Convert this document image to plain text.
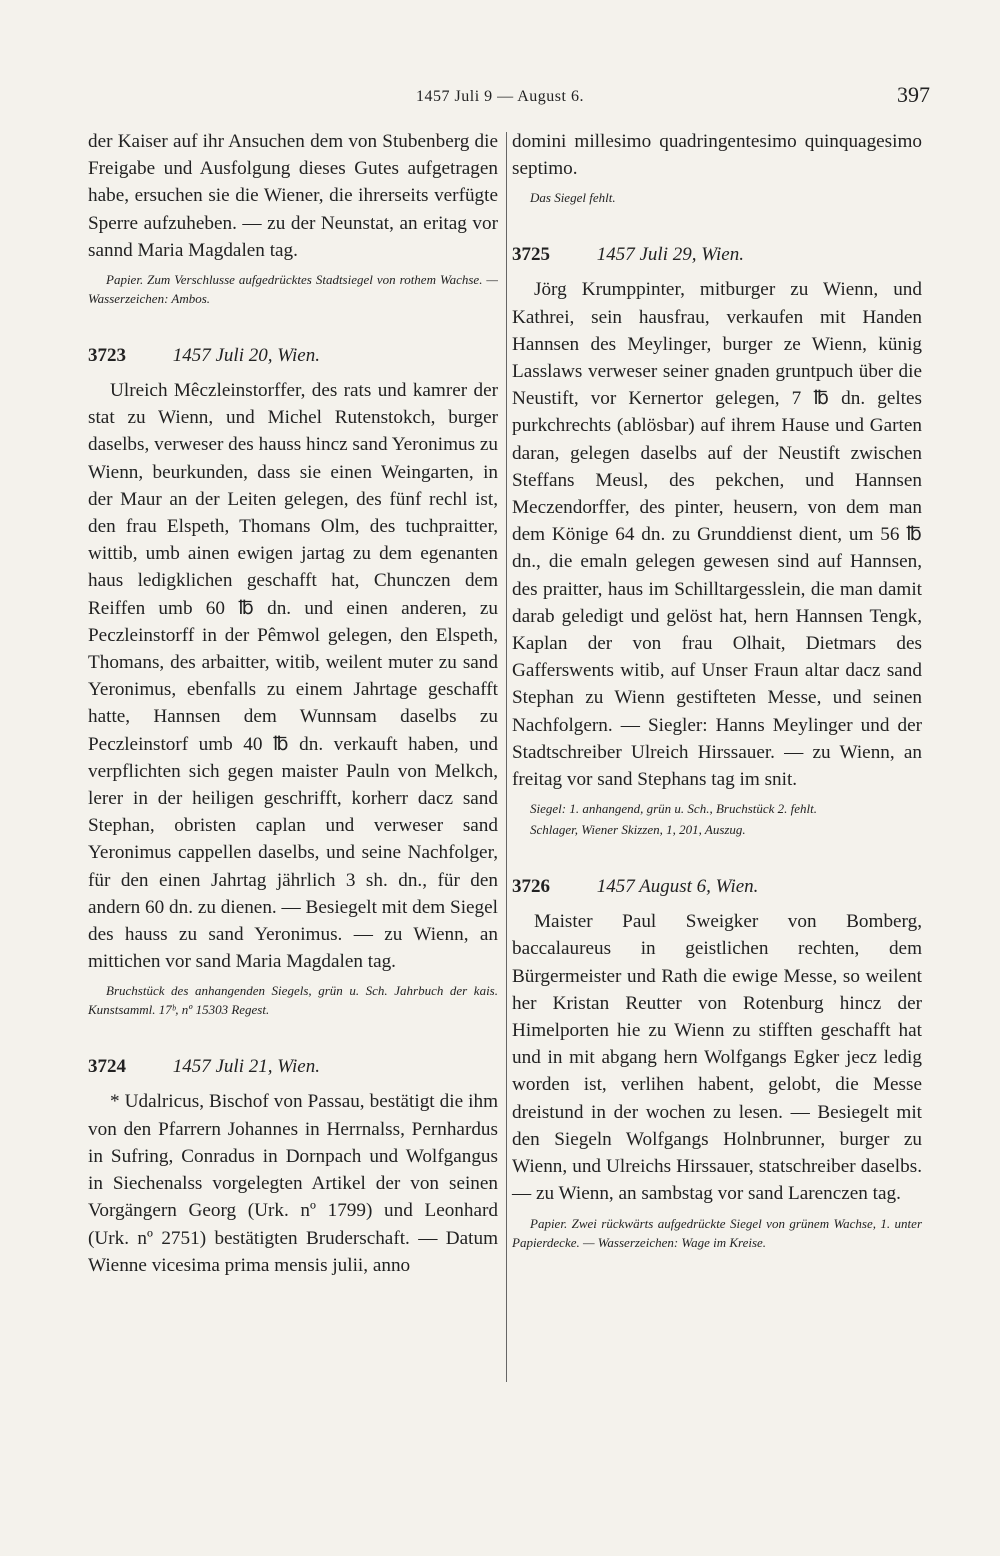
1457 Juli 9 — August 6.	397

der Kaiser auf ihr Ansuchen dem von Stubenberg die Freigabe und Ausfolgung dieses Gutes aufgetragen habe, ersuchen sie die Wiener, die ihrerseits verfügte Sperre aufzuheben. — zu der Neunstat, an eritag vor sannd Maria Magdalen tag.

Papier. Zum Verschlusse aufgedrücktes Stadtsiegel von rothem Wachse. — Wasserzeichen: Ambos.

3723 1457 Juli 20, Wien.

Ulreich Mêczleinstorffer, des rats und kamrer der stat zu Wienn, und Michel Rutenstokch, burger daselbs, verweser des hauss hincz sand Yeronimus zu Wienn, beurkunden, dass sie einen Weingarten, in der Maur an der Leiten gelegen, des fünf rechl ist, den frau Elspeth, Thomans Olm, des tuchpraitter, wittib, umb ainen ewigen jartag zu dem egenanten haus ledigklichen geschafft hat, Chunczen dem Reiffen umb 60 ℔ dn. und einen anderen, zu Peczleinstorff in der Pêmwol gelegen, den Elspeth, Thomans, des arbaitter, witib, weilent muter zu sand Yeronimus, ebenfalls zu einem Jahrtage geschafft hatte, Hannsen dem Wunnsam daselbs zu Peczleinstorf umb 40 ℔ dn. verkauft haben, und verpflichten sich gegen maister Pauln von Melkch, lerer in der heiligen geschrifft, korherr dacz sand Stephan, obristen caplan und verweser sand Yeronimus cappellen daselbs, und seine Nachfolger, für den einen Jahrtag jährlich 3 sh. dn., für den andern 60 dn. zu dienen. — Besiegelt mit dem Siegel des hauss zu sand Yeronimus. — zu Wienn, an mittichen vor sand Maria Magdalen tag.

Bruchstück des anhangenden Siegels, grün u. Sch. Jahrbuch der kais. Kunstsamml. 17ᵇ, nº 15303 Regest.

3724 1457 Juli 21, Wien.

* Udalricus, Bischof von Passau, bestätigt die ihm von den Pfarrern Johannes in Herrnalss, Pernhardus in Sufring, Conradus in Dornpach und Wolfgangus in Siechenalss vorgelegten Artikel der von seinen Vorgängern Georg (Urk. nº 1799) und Leonhard (Urk. nº 2751) bestätigten Bruderschaft. — Datum Wienne vicesima prima mensis julii, anno

domini millesimo quadringentesimo quinquagesimo septimo.

Das Siegel fehlt.

3725 1457 Juli 29, Wien.

Jörg Krumppinter, mitburger zu Wienn, und Kathrei, sein hausfrau, verkaufen mit Handen Hannsen des Meylinger, burger ze Wienn, künig Lasslaws verweser seiner gnaden gruntpuch über die Neustift, vor Kernertor gelegen, 7 ℔ dn. geltes purkchrechts (ablösbar) auf ihrem Hause und Garten daran, gelegen daselbs auf der Neustift zwischen Steffans Meusl, des pekchen, und Hannsen Meczendorffer, des pinter, heusern, von dem man dem Könige 64 dn. zu Grunddienst dient, um 56 ℔ dn., die emaln gelegen gewesen sind auf Hannsen, des praitter, haus im Schilltargesslein, die man damit darab geledigt und gelöst hat, hern Hannsen Tengk, Kaplan der von frau Olhait, Dietmars des Gafferswents witib, auf Unser Fraun altar dacz sand Stephan zu Wienn gestifteten Messe, und seinen Nachfolgern. — Siegler: Hanns Meylinger und der Stadtschreiber Ulreich Hirssauer. — zu Wienn, an freitag vor sand Stephans tag im snit.

Siegel: 1. anhangend, grün u. Sch., Bruchstück 2. fehlt.

Schlager, Wiener Skizzen, 1, 201, Auszug.

3726 1457 August 6, Wien.

Maister Paul Sweigker von Bomberg, baccalaureus in geistlichen rechten, dem Bürgermeister und Rath die ewige Messe, so weilent her Kristan Reutter von Rotenburg hincz der Himelporten hie zu Wienn zu stifften geschafft hat und in mit abgang hern Wolfgangs Egker jecz ledig worden ist, verlihen habent, gelobt, die Messe dreistund in der wochen zu lesen. — Besiegelt mit den Siegeln Wolfgangs Holnbrunner, burger zu Wienn, und Ulreichs Hirssauer, statschreiber daselbs. — zu Wienn, an sambstag vor sand Larenczen tag.

Papier. Zwei rückwärts aufgedrückte Siegel von grünem Wachse, 1. unter Papierdecke. — Wasserzeichen: Wage im Kreise.
